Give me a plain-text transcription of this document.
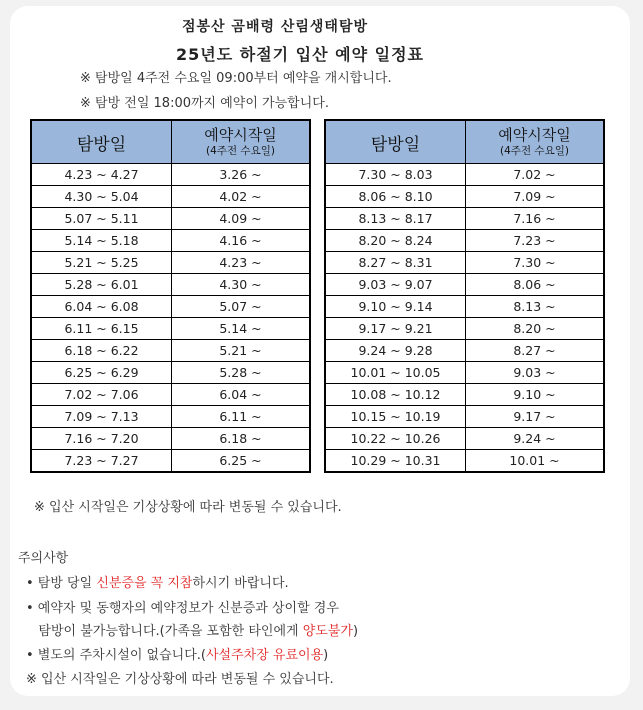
점봉산 곰배령 산림생태탐방
25년도 하절기 입산 예약 일정표
※ 탐방일 4주전 수요일 09:00부터 예약을 개시합니다.
※ 탐방 전일 18:00까지 예약이 가능합니다.
탐방일	예약시작일
(4주전 수요일)

4.23 ~ 4.27	3.26 ~
4.30 ~ 5.04	4.02 ~
5.07 ~ 5.11	4.09 ~
5.14 ~ 5.18	4.16 ~
5.21 ~ 5.25	4.23 ~
5.28 ~ 6.01	4.30 ~
6.04 ~ 6.08	5.07 ~
6.11 ~ 6.15	5.14 ~
6.18 ~ 6.22	5.21 ~
6.25 ~ 6.29	5.28 ~
7.02 ~ 7.06	6.04 ~
7.09 ~ 7.13	6.11 ~
7.16 ~ 7.20	6.18 ~
7.23 ~ 7.27	6.25 ~
탐방일	예약시작일
(4주전 수요일)

7.30 ~ 8.03	7.02 ~
8.06 ~ 8.10	7.09 ~
8.13 ~ 8.17	7.16 ~
8.20 ~ 8.24	7.23 ~
8.27 ~ 8.31	7.30 ~
9.03 ~ 9.07	8.06 ~
9.10 ~ 9.14	8.13 ~
9.17 ~ 9.21	8.20 ~
9.24 ~ 9.28	8.27 ~
10.01 ~ 10.05	9.03 ~
10.08 ~ 10.12	9.10 ~
10.15 ~ 10.19	9.17 ~
10.22 ~ 10.26	9.24 ~
10.29 ~ 10.31	10.01 ~
※ 입산 시작일은 기상상황에 따라 변동될 수 있습니다.
주의사항
• 탐방 당일 신분증을 꼭 지참하시기 바랍니다.
• 예약자 및 동행자의 예약정보가 신분증과 상이할 경우
탐방이 불가능합니다.(가족을 포함한 타인에게 양도불가)
• 별도의 주차시설이 없습니다.(사설주차장 유료이용)
※ 입산 시작일은 기상상황에 따라 변동될 수 있습니다.
